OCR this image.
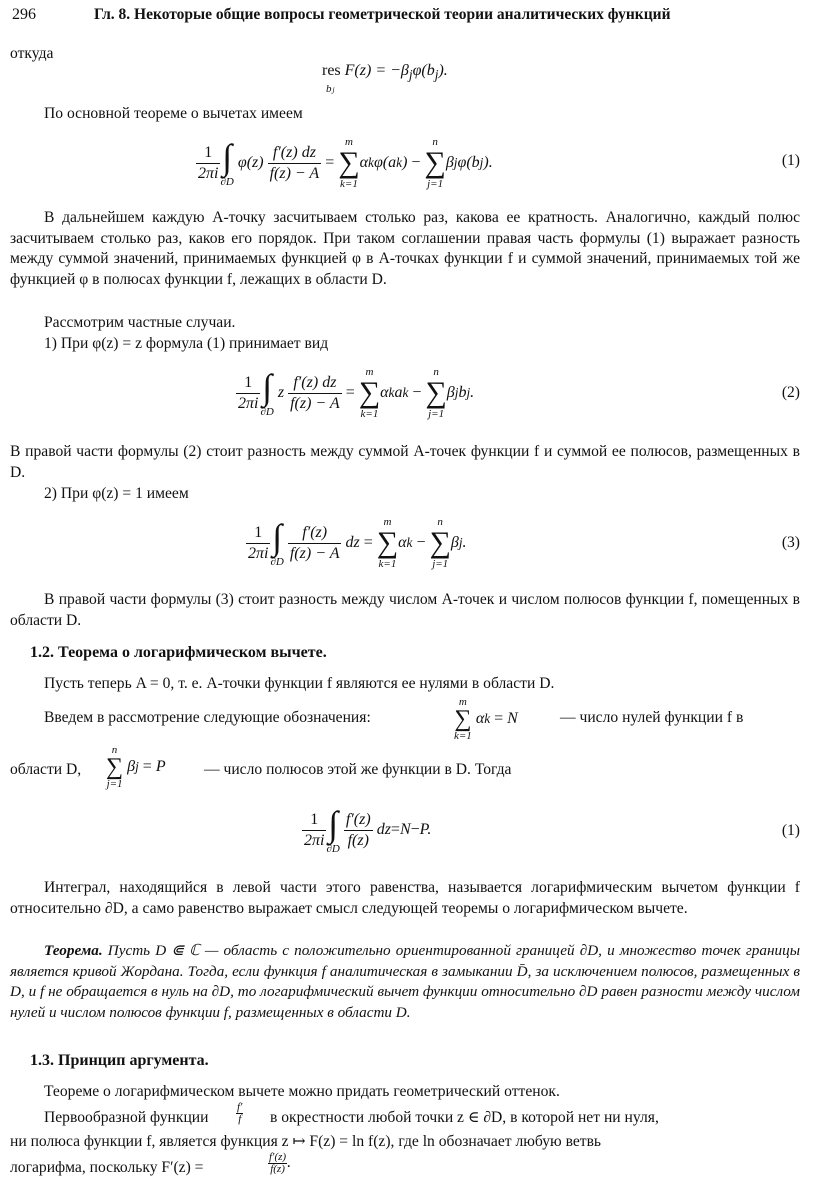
296	Гл. 8. Некоторые общие вопросы геометрической теории аналитических функций
откуда
res $F(z) = -\beta_j\varphi(b_j)$.
bⱼ
По основной теореме о вычетах имеем
$\frac{1}{2\pi i}$ ∫
∂D
$\varphi(z) \frac{f'(z) dz}{f(z) - A}$
=

m
∑
k=1
α k φ(a k ) −

n
∑
j=1
β j φ(b j ).	(1)
В дальнейшем каждую A-точку засчитываем столько раз, какова ее кратность. Аналогично, каждый полюс засчитываем столько раз, каков его порядок. При таком соглашении правая часть формулы (1) выражает разность между суммой значений, принимаемых функцией φ в A-точках функции f и суммой значений, принимаемых той же функцией φ в полюсах функции f, лежащих в области D.
Рассмотрим частные случаи.
1) При φ(z) = z формула (1) принимает вид
$\frac{1}{2\pi i}$ ∫
∂D
z $\frac{f'(z) dz}{f(z) - A}$
=

m
∑
k=1
α k a k
−

n
∑
j=1
β j b j .	(2)
В правой части формулы (2) стоит разность между суммой A-точек функции f и суммой ее полюсов, размещенных в D.
2) При φ(z) = 1 имеем
$\frac{1}{2\pi i}$ ∫
∂D
$\frac{f'(z)}{f(z) - A}$ dz =

m
∑
k=1
α k
−

n
∑
j=1
β j .	(3)
В правой части формулы (3) стоит разность между числом A-точек и числом полюсов функции f, помещенных в области D.
1.2. Теорема о логарифмическом вычете.
Пусть теперь A = 0, т. е. A-точки функции f являются ее нулями в области D.
Введем в рассмотрение следующие обозначения:
m
∑
k=1
α k
= N	— число нулей функции f в
области D,
n
∑
j=1
β j
= P — число полюсов этой же функции в D. Тогда
$\frac{1}{2\pi i}$ ∫
∂D
$\frac{f'(z)}{f(z)}$ dz = N − P.	(1)
Интеграл, находящийся в левой части этого равенства, называется логарифмическим вычетом функции f относительно ∂D, а само равенство выражает смысл следующей теоремы о логарифмическом вычете.
Теорема. Пусть D ⋐ ℂ — область с положительно ориентированной границей ∂D, и множество точек границы является кривой Жордана. Тогда, если функция f аналитическая в замыкании D̄, за исключением полюсов, размещенных в D, и f не обращается в нуль на ∂D, то логарифмический вычет функции относительно ∂D равен разности между числом нулей и числом полюсов функции f, размещенных в области D.
1.3. Принцип аргумента.
Теореме о логарифмическом вычете можно придать геометрический оттенок.
Первообразной функции	$\frac{f'}{f}$ в окрестности любой точки z ∈ ∂D, в которой нет ни нуля,
ни полюса функции f, является функция z ↦ F(z) = ln f(z), где ln обозначает любую ветвь
логарифма, поскольку F′(z) =	$\frac{f'(z)}{f(z)}$ .
